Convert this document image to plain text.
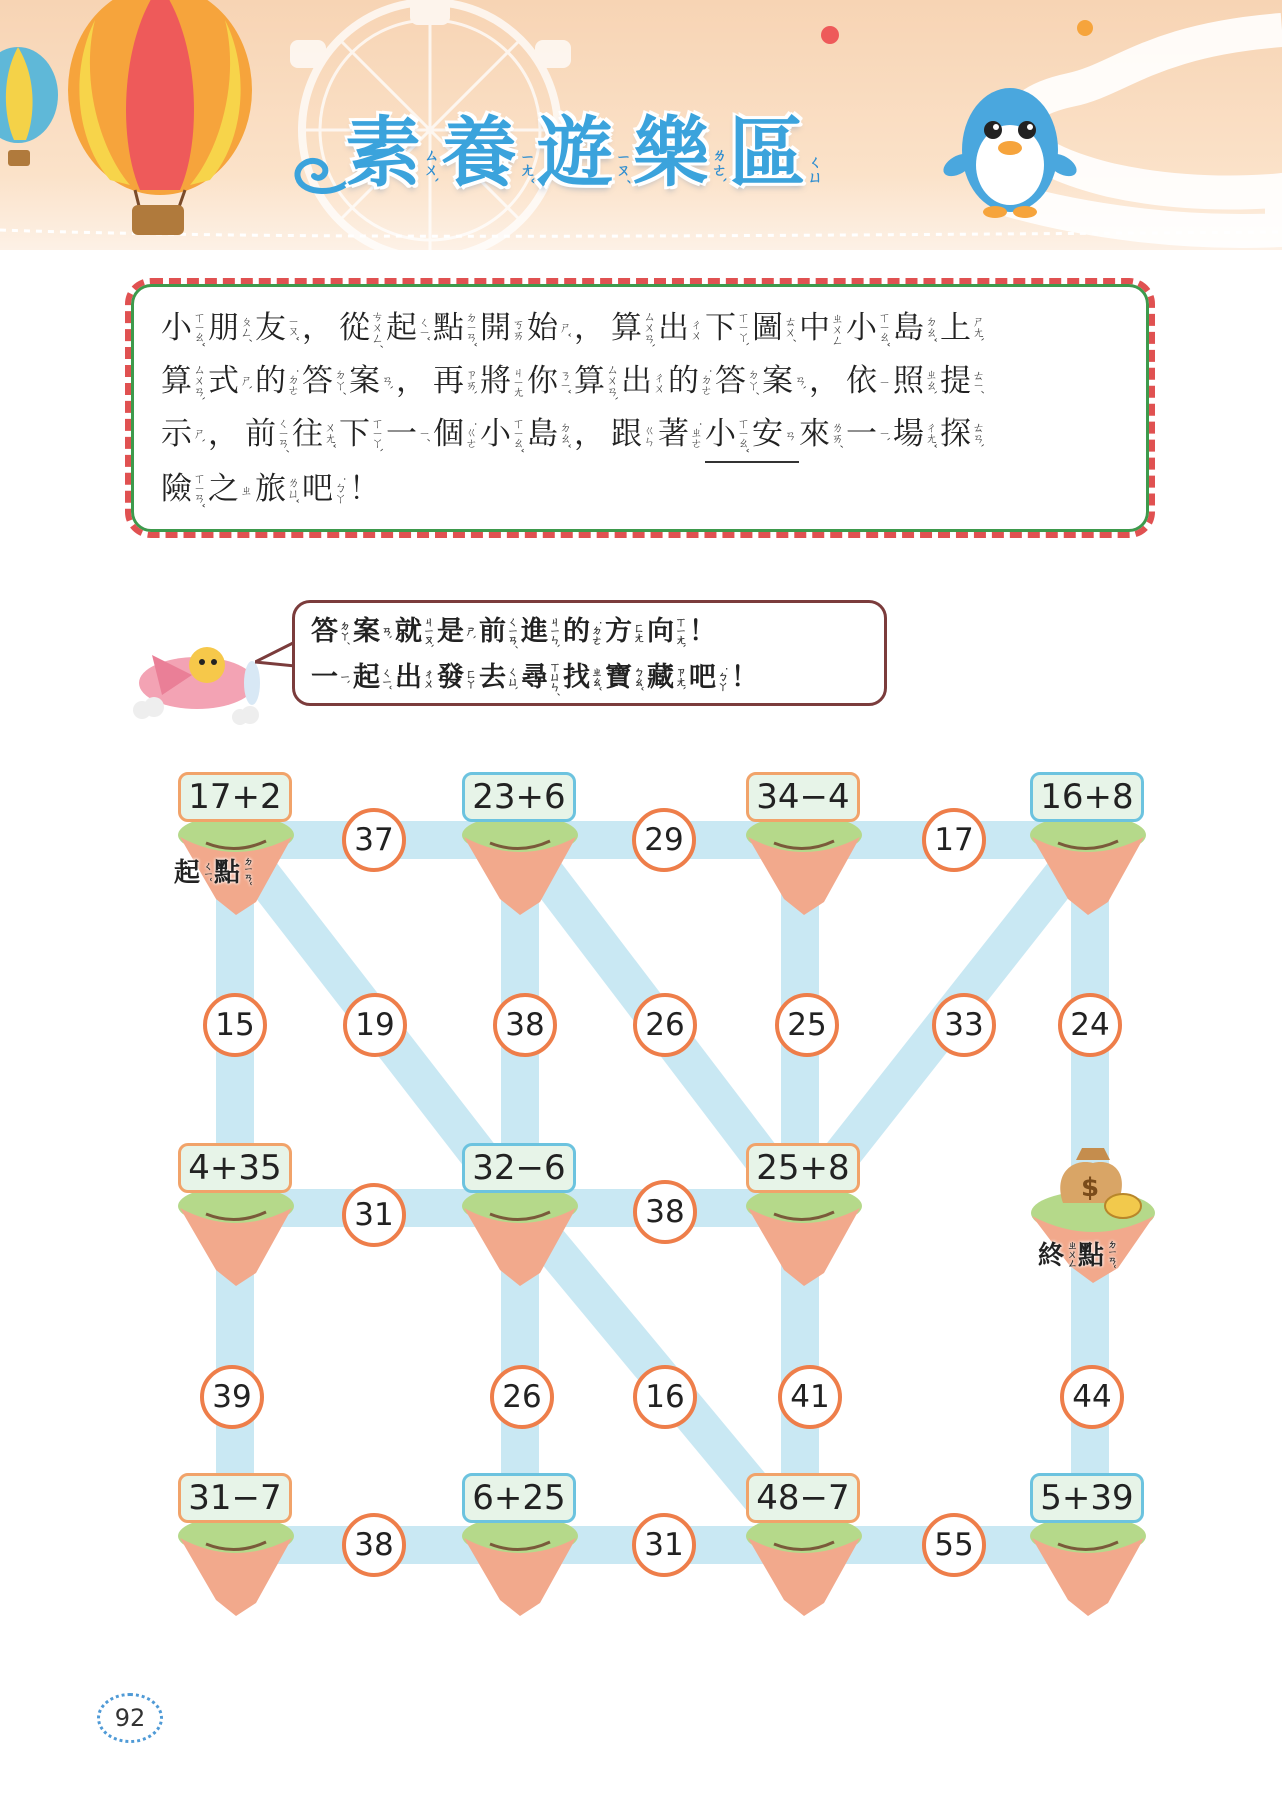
素 ㄙㄨˋ 養 ㄧㄤˇ 遊 ㄧㄡˊ 樂 ㄌㄜˋ 區 ㄑㄩ
小 ㄒㄧㄠˇ 朋 ㄆㄥˊ 友 ㄧㄡˇ ， 從 ㄘㄨㄥˊ 起 ㄑㄧˇ 點 ㄉㄧㄢˇ 開 ㄎㄞ 始 ㄕˇ ， 算 ㄙㄨㄢˋ 出 ㄔㄨ 下 ㄒㄧㄚˋ 圖 ㄊㄨˊ 中 ㄓㄨㄥ 小 ㄒㄧㄠˇ 島 ㄉㄠˇ 上 ㄕㄤˋ
算 ㄙㄨㄢˋ 式 ㄕˋ 的 ˙ㄉㄜ 答 ㄉㄚˊ 案 ㄢˋ ， 再 ㄗㄞˋ 將 ㄐㄧㄤ 你 ㄋㄧˇ 算 ㄙㄨㄢˋ 出 ㄔㄨ 的 ˙ㄉㄜ 答 ㄉㄚˊ 案 ㄢˋ ， 依 ㄧ 照 ㄓㄠˋ 提 ㄊㄧˊ
示 ㄕˋ ， 前 ㄑㄧㄢˊ 往 ㄨㄤˇ 下 ㄒㄧㄚˋ 一 ㄧˊ 個 ˙ㄍㄜ 小 ㄒㄧㄠˇ 島 ㄉㄠˇ ， 跟 ㄍㄣ 著 ˙ㄓㄜ 小 ㄒㄧㄠˇ 安 ㄢ 來 ㄌㄞˊ 一 ㄧˋ 場 ㄔㄤˇ 探 ㄊㄢˋ
險 ㄒㄧㄢˇ 之 ㄓ 旅 ㄌㄩˇ 吧 ˙ㄅㄚ ！
答 ㄉㄚˊ 案 ㄢˋ 就 ㄐㄧㄡˋ 是 ㄕˋ 前 ㄑㄧㄢˊ 進 ㄐㄧㄣˋ 的 ˙ㄉㄜ 方 ㄈㄤ 向 ㄒㄧㄤˋ ！
一 ㄧˋ 起 ㄑㄧˇ 出 ㄔㄨ 發 ㄈㄚ 去 ㄑㄩˋ 尋 ㄒㄩㄣˊ 找 ㄓㄠˇ 寶 ㄅㄠˇ 藏 ㄗㄤˋ 吧 ˙ㄅㄚ ！
37	29	17
15	19	38	26	25	33	24
31	38
39	26	16	41	44
38	31	55
17+2
起 ㄑㄧˇ 點 ㄉㄧㄢˇ
23+6	34−4	16+8
4+35	32−6	25+8
31−7	6+25	48−7	5+39
$
終 ㄓㄨㄥ 點 ㄉㄧㄢˇ
92
